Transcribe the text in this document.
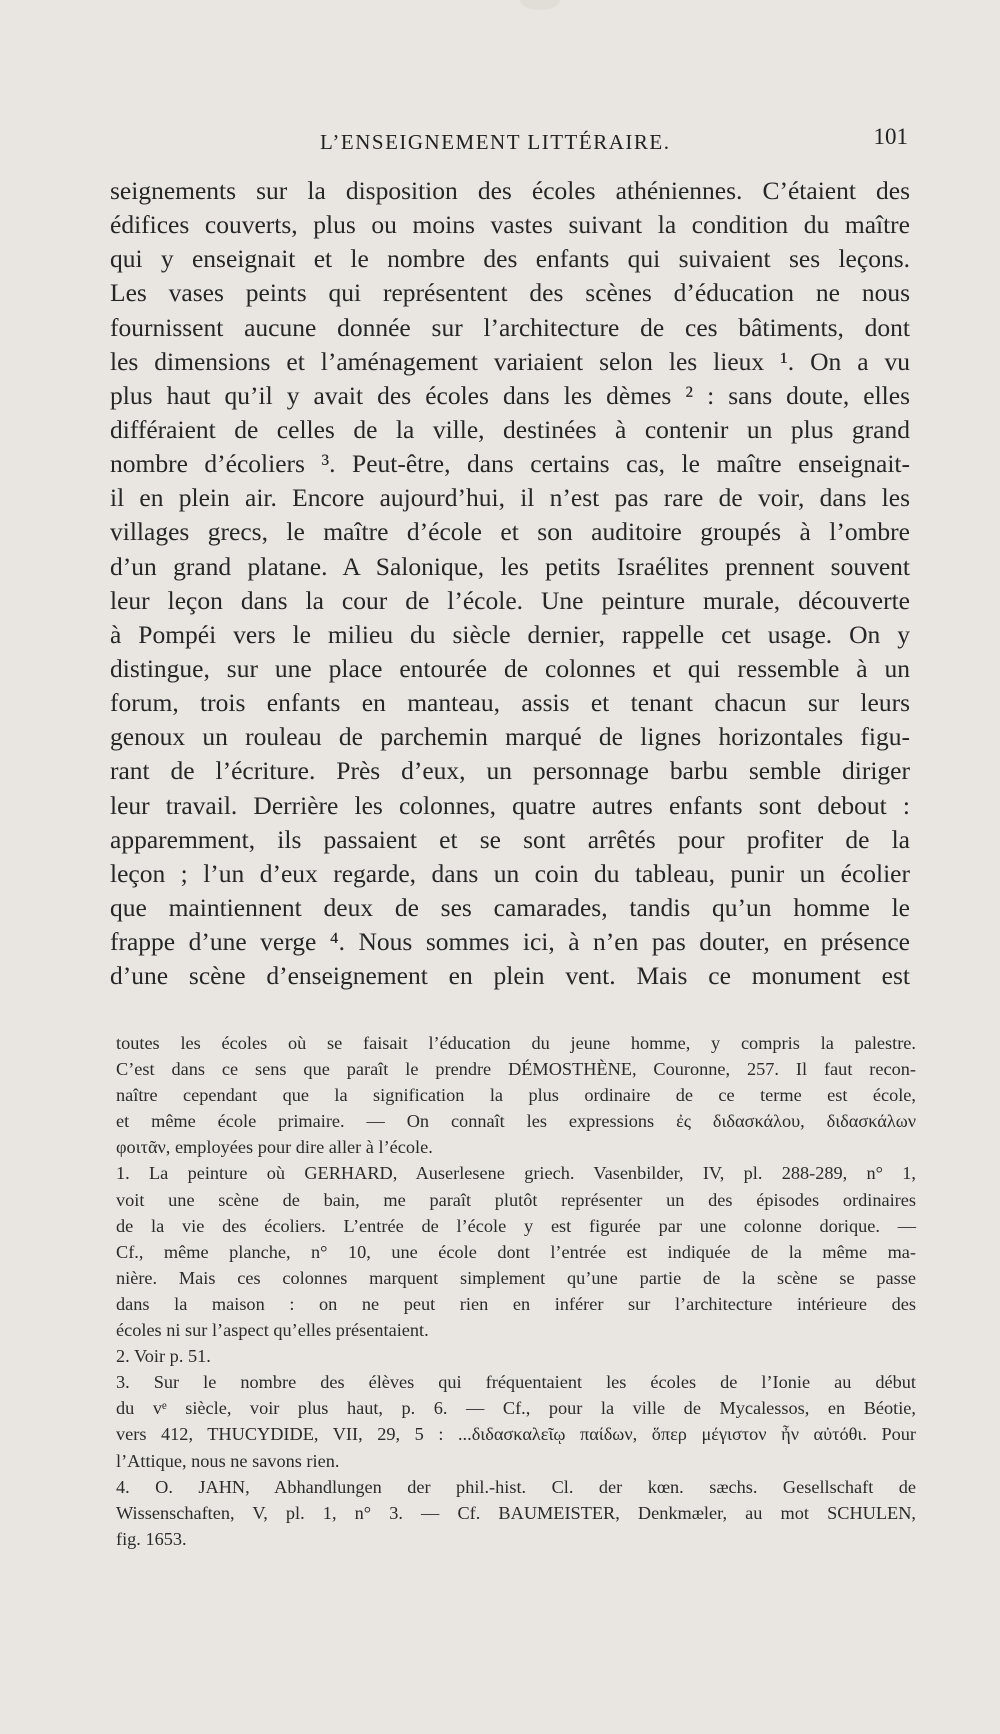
L’ENSEIGNEMENT LITTÉRAIRE.	101
seignements sur la disposition des écoles athéniennes. C’étaient des
édifices couverts, plus ou moins vastes suivant la condition du maître
qui y enseignait et le nombre des enfants qui suivaient ses leçons.
Les vases peints qui représentent des scènes d’éducation ne nous
fournissent aucune donnée sur l’architecture de ces bâtiments, dont
les dimensions et l’aménagement variaient selon les lieux ¹. On a vu
plus haut qu’il y avait des écoles dans les dèmes ² : sans doute, elles
différaient de celles de la ville, destinées à contenir un plus grand
nombre d’écoliers ³. Peut-être, dans certains cas, le maître enseignait-
il en plein air. Encore aujourd’hui, il n’est pas rare de voir, dans les
villages grecs, le maître d’école et son auditoire groupés à l’ombre
d’un grand platane. A Salonique, les petits Israélites prennent souvent
leur leçon dans la cour de l’école. Une peinture murale, découverte
à Pompéi vers le milieu du siècle dernier, rappelle cet usage. On y
distingue, sur une place entourée de colonnes et qui ressemble à un
forum, trois enfants en manteau, assis et tenant chacun sur leurs
genoux un rouleau de parchemin marqué de lignes horizontales figu-
rant de l’écriture. Près d’eux, un personnage barbu semble diriger
leur travail. Derrière les colonnes, quatre autres enfants sont debout :
apparemment, ils passaient et se sont arrêtés pour profiter de la
leçon ; l’un d’eux regarde, dans un coin du tableau, punir un écolier
que maintiennent deux de ses camarades, tandis qu’un homme le
frappe d’une verge ⁴. Nous sommes ici, à n’en pas douter, en présence
d’une scène d’enseignement en plein vent. Mais ce monument est
toutes les écoles où se faisait l’éducation du jeune homme, y compris la palestre.
C’est dans ce sens que paraît le prendre DÉMOSTHÈNE, Couronne, 257. Il faut recon-
naître cependant que la signification la plus ordinaire de ce terme est école,
et même école primaire. — On connaît les expressions ἐς διδασκάλου, διδασκάλων
φοιτᾶν, employées pour dire aller à l’école.
1. La peinture où GERHARD, Auserlesene griech. Vasenbilder, IV, pl. 288-289, n° 1,
voit une scène de bain, me paraît plutôt représenter un des épisodes ordinaires
de la vie des écoliers. L’entrée de l’école y est figurée par une colonne dorique. —
Cf., même planche, n° 10, une école dont l’entrée est indiquée de la même ma-
nière. Mais ces colonnes marquent simplement qu’une partie de la scène se passe
dans la maison : on ne peut rien en inférer sur l’architecture intérieure des
écoles ni sur l’aspect qu’elles présentaient.
2. Voir p. 51.
3. Sur le nombre des élèves qui fréquentaient les écoles de l’Ionie au début
du vᵉ siècle, voir plus haut, p. 6. — Cf., pour la ville de Mycalessos, en Béotie,
vers 412, THUCYDIDE, VII, 29, 5 : ...διδασκαλεῖῳ παίδων, ὅπερ μέγιστον ἦν αὐτόθι. Pour
l’Attique, nous ne savons rien.
4. O. JAHN, Abhandlungen der phil.-hist. Cl. der kœn. sæchs. Gesellschaft de
Wissenschaften, V, pl. 1, n° 3. — Cf. BAUMEISTER, Denkmæler, au mot SCHULEN,
fig. 1653.
